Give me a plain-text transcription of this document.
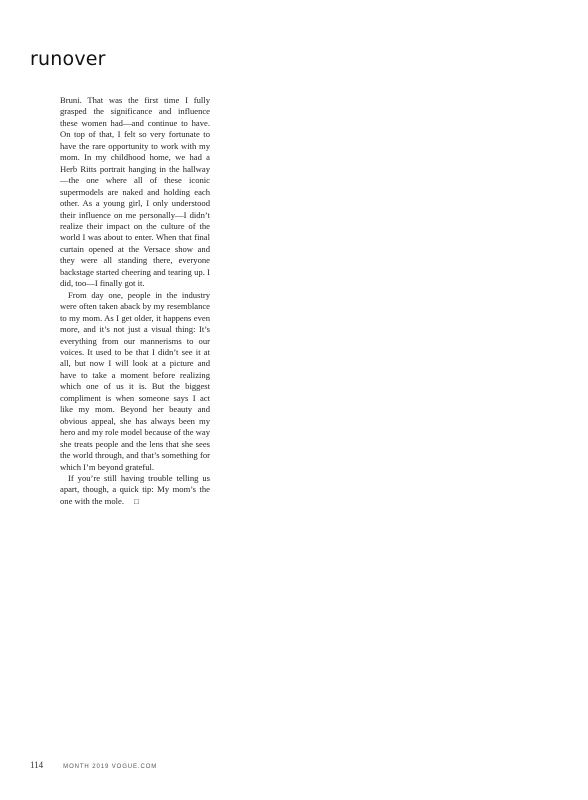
runover

Bruni. That was the first time I fully grasped the significance and influence these women had—and continue to have. On top of that, I felt so very fortunate to have the rare opportunity to work with my mom. In my childhood home, we had a Herb Ritts portrait hanging in the hallway—the one where all of these iconic supermodels are naked and holding each other. As a young girl, I only understood their influence on me personally—I didn’t realize their impact on the culture of the world I was about to enter. When that final curtain opened at the Versace show and they were all standing there, everyone backstage started cheering and tearing up. I did, too—I finally got it.

From day one, people in the industry were often taken aback by my resemblance to my mom. As I get older, it happens even more, and it’s not just a visual thing: It’s everything from our mannerisms to our voices. It used to be that I didn’t see it at all, but now I will look at a picture and have to take a moment before realizing which one of us it is. But the biggest compliment is when someone says I act like my mom. Beyond her beauty and obvious appeal, she has always been my hero and my role model because of the way she treats people and the lens that she sees the world through, and that’s something for which I’m beyond grateful.

If you’re still having trouble telling us apart, though, a quick tip: My mom’s the one with the mole. □

114	MONTH 2019 VOGUE.COM
